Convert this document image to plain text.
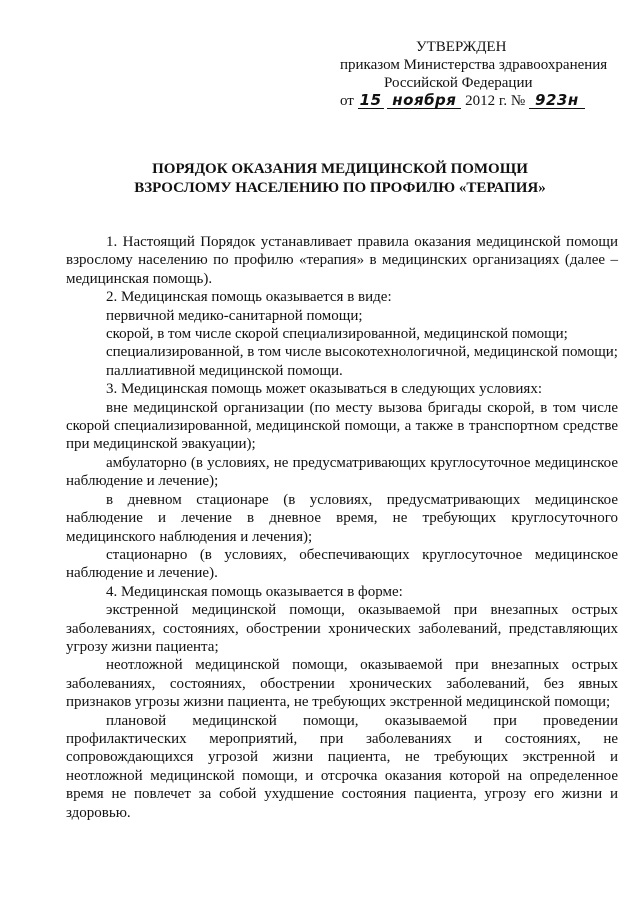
УТВЕРЖДЕН
приказом Министерства здравоохранения
Российской Федерации
от 15 ноября 2012 г. № 923н
ПОРЯДОК ОКАЗАНИЯ МЕДИЦИНСКОЙ ПОМОЩИ
ВЗРОСЛОМУ НАСЕЛЕНИЮ ПО ПРОФИЛЮ «ТЕРАПИЯ»

1. Настоящий Порядок устанавливает правила оказания медицинской помощи взрослому населению по профилю «терапия» в медицинских организациях (далее – медицинская помощь).

2. Медицинская помощь оказывается в виде:

первичной медико-санитарной помощи;

скорой, в том числе скорой специализированной, медицинской помощи;

специализированной, в том числе высокотехнологичной, медицинской помощи;

паллиативной медицинской помощи.

3. Медицинская помощь может оказываться в следующих условиях:

вне медицинской организации (по месту вызова бригады скорой, в том числе скорой специализированной, медицинской помощи, а также в транспортном средстве при медицинской эвакуации);

амбулаторно (в условиях, не предусматривающих круглосуточное медицинское наблюдение и лечение);

в дневном стационаре (в условиях, предусматривающих медицинское наблюдение и лечение в дневное время, не требующих круглосуточного медицинского наблюдения и лечения);

стационарно (в условиях, обеспечивающих круглосуточное медицинское наблюдение и лечение).

4. Медицинская помощь оказывается в форме:

экстренной медицинской помощи, оказываемой при внезапных острых заболеваниях, состояниях, обострении хронических заболеваний, представляющих угрозу жизни пациента;

неотложной медицинской помощи, оказываемой при внезапных острых заболеваниях, состояниях, обострении хронических заболеваний, без явных признаков угрозы жизни пациента, не требующих экстренной медицинской помощи;

плановой медицинской помощи, оказываемой при проведении профилактических мероприятий, при заболеваниях и состояниях, не сопровождающихся угрозой жизни пациента, не требующих экстренной и неотложной медицинской помощи, и отсрочка оказания которой на определенное время не повлечет за собой ухудшение состояния пациента, угрозу его жизни и здоровью.
